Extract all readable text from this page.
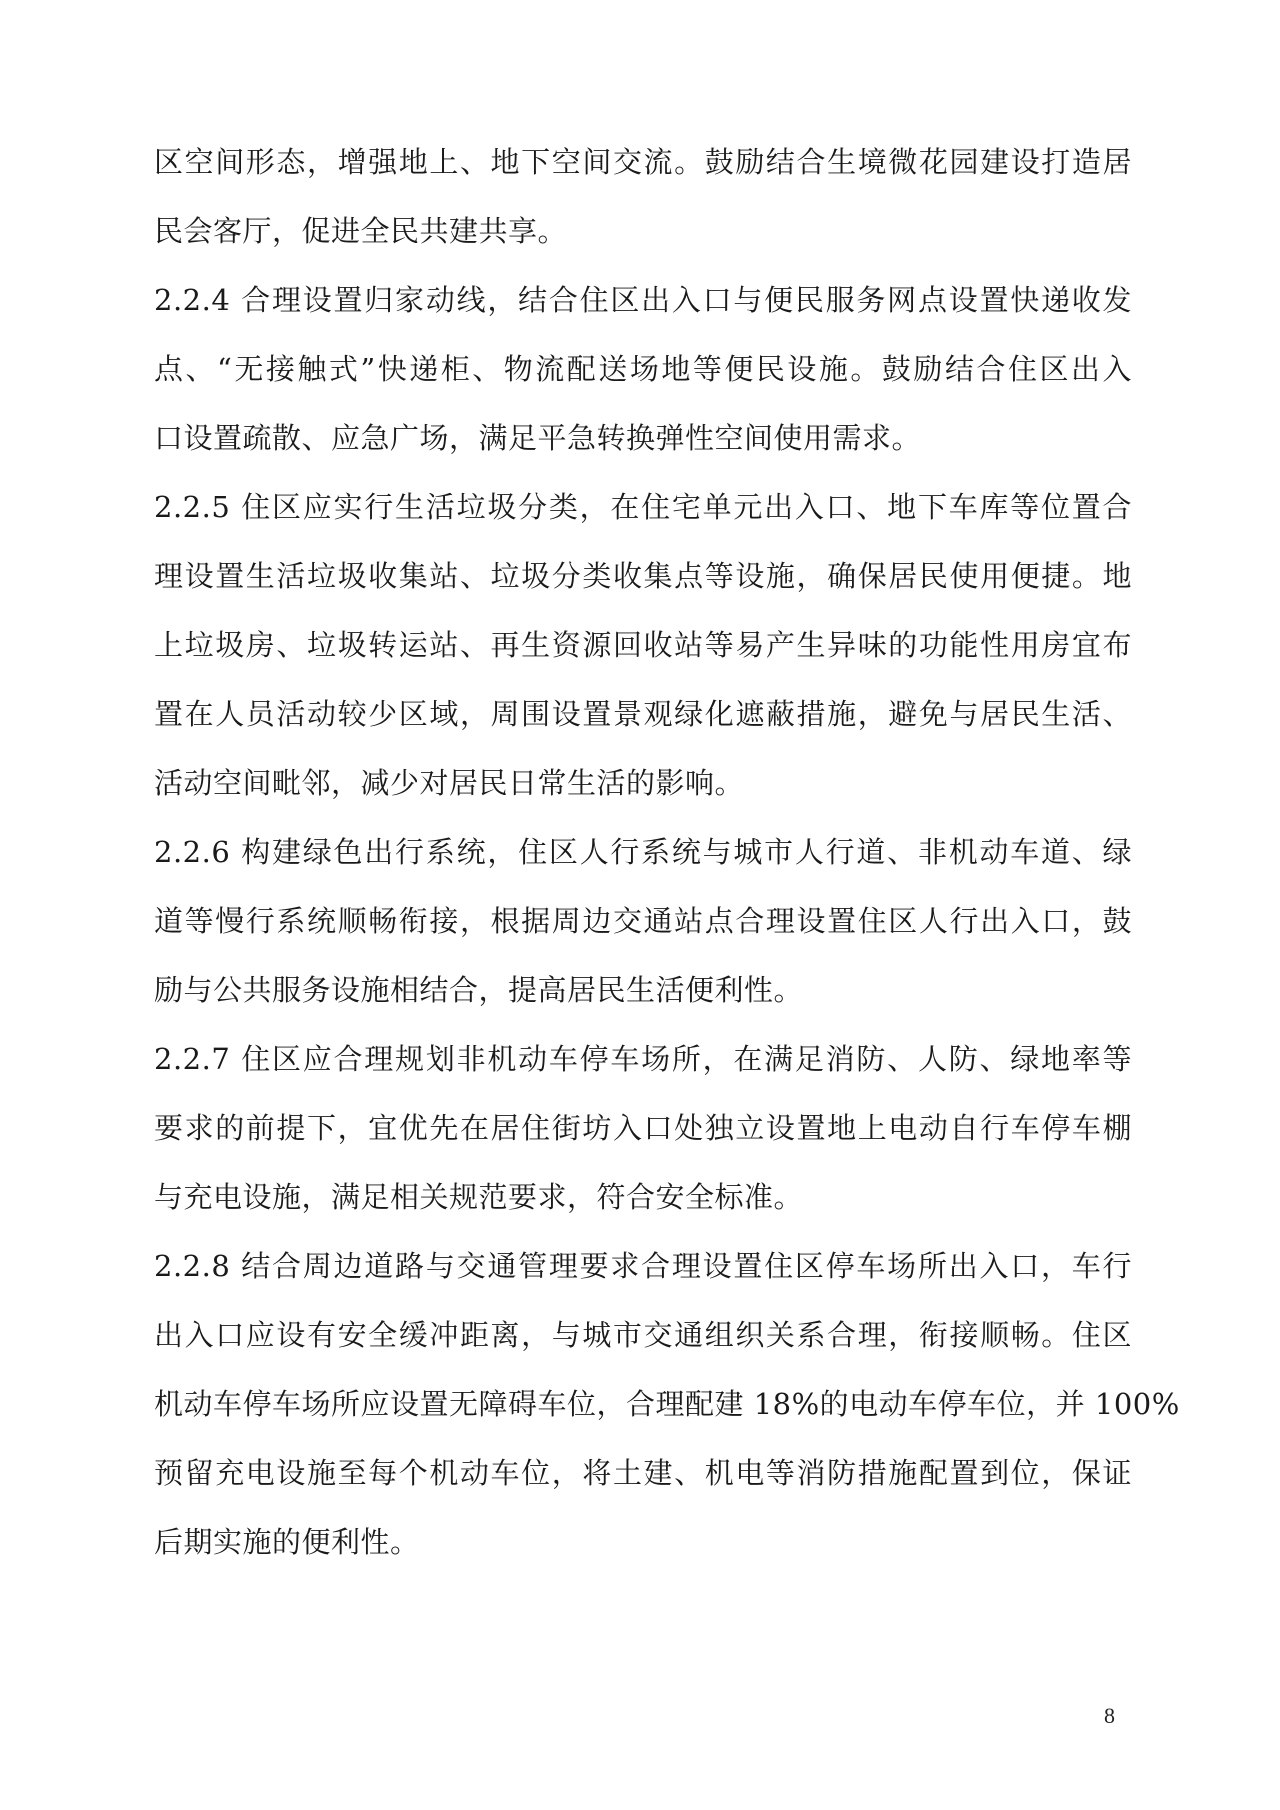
区空间形态，增强地上、地下空间交流。鼓励结合生境微花园建设打造居
民会客厅，促进全民共建共享。
2.2.4 合理设置归家动线，结合住区出入口与便民服务网点设置快递收发
点、“无接触式”快递柜、物流配送场地等便民设施。鼓励结合住区出入
口设置疏散、应急广场，满足平急转换弹性空间使用需求。
2.2.5 住区应实行生活垃圾分类，在住宅单元出入口、地下车库等位置合
理设置生活垃圾收集站、垃圾分类收集点等设施，确保居民使用便捷。地
上垃圾房、垃圾转运站、再生资源回收站等易产生异味的功能性用房宜布
置在人员活动较少区域，周围设置景观绿化遮蔽措施，避免与居民生活、
活动空间毗邻，减少对居民日常生活的影响。
2.2.6 构建绿色出行系统，住区人行系统与城市人行道、非机动车道、绿
道等慢行系统顺畅衔接，根据周边交通站点合理设置住区人行出入口，鼓
励与公共服务设施相结合，提高居民生活便利性。
2.2.7 住区应合理规划非机动车停车场所，在满足消防、人防、绿地率等
要求的前提下，宜优先在居住街坊入口处独立设置地上电动自行车停车棚
与充电设施，满足相关规范要求，符合安全标准。
2.2.8 结合周边道路与交通管理要求合理设置住区停车场所出入口，车行
出入口应设有安全缓冲距离，与城市交通组织关系合理，衔接顺畅。住区
机动车停车场所应设置无障碍车位，合理配建 18%的电动车停车位，并 100%
预留充电设施至每个机动车位，将土建、机电等消防措施配置到位，保证
后期实施的便利性。
8
